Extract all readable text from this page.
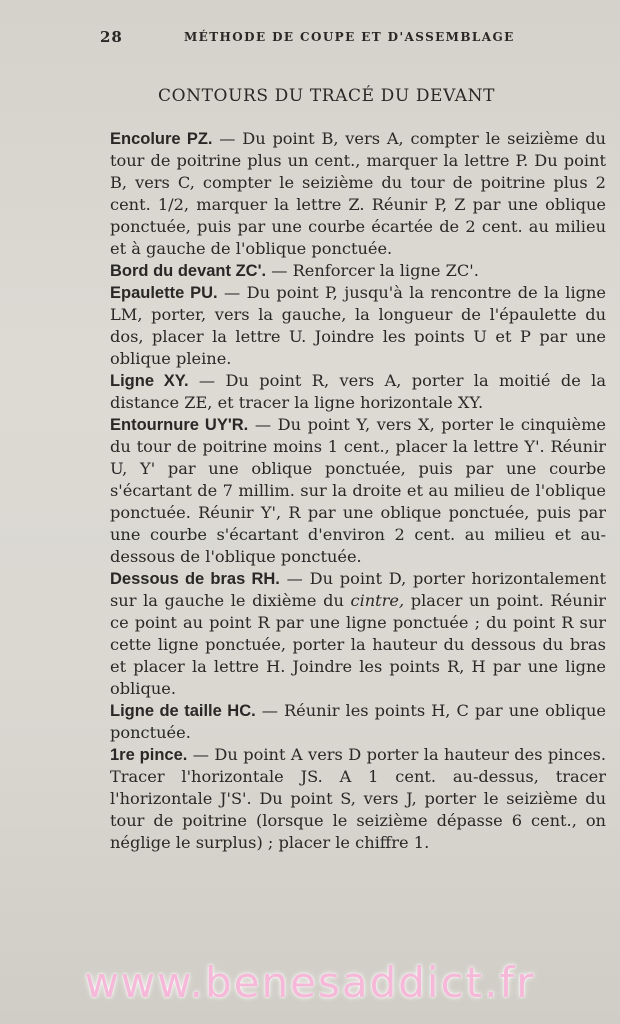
28	MÉTHODE DE COUPE ET D'ASSEMBLAGE
CONTOURS DU TRACÉ DU DEVANT

Encolure PZ. — Du point B, vers A, compter le seizième du tour de poitrine plus un cent., marquer la lettre P. Du point B, vers C, compter le seizième du tour de poitrine plus 2 cent. 1/2, marquer la lettre Z. Réunir P, Z par une oblique ponctuée, puis par une courbe écartée de 2 cent. au milieu et à gauche de l'oblique ponctuée.

Bord du devant ZC'. — Renforcer la ligne ZC'.

Epaulette PU. — Du point P, jusqu'à la rencontre de la ligne LM, porter, vers la gauche, la longueur de l'épaulette du dos, placer la lettre U. Joindre les points U et P par une oblique pleine.

Ligne XY. — Du point R, vers A, porter la moitié de la distance ZE, et tracer la ligne horizontale XY.

Entournure UY'R. — Du point Y, vers X, porter le cinquième du tour de poitrine moins 1 cent., placer la lettre Y'. Réunir U, Y' par une oblique ponctuée, puis par une courbe s'écartant de 7 millim. sur la droite et au milieu de l'oblique ponctuée. Réunir Y', R par une oblique ponctuée, puis par une courbe s'écartant d'environ 2 cent. au milieu et au-dessous de l'oblique ponctuée.

Dessous de bras RH. — Du point D, porter horizontalement sur la gauche le dixième du cintre, placer un point. Réunir ce point au point R par une ligne ponctuée ; du point R sur cette ligne ponctuée, porter la hauteur du dessous du bras et placer la lettre H. Joindre les points R, H par une ligne oblique.

Ligne de taille HC. — Réunir les points H, C par une oblique ponctuée.

1re pince. — Du point A vers D porter la hauteur des pinces. Tracer l'horizontale JS. A 1 cent. au-dessus, tracer l'horizontale J'S'. Du point S, vers J, porter le seizième du tour de poitrine (lorsque le seizième dépasse 6 cent., on néglige le surplus) ; placer le chiffre 1.

www.benesaddict.fr
